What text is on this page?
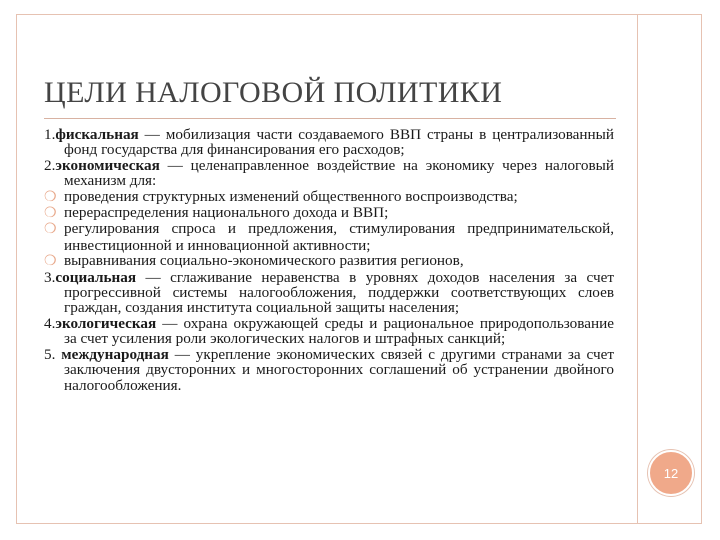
ЦЕЛИ НАЛОГОВОЙ ПОЛИТИКИ
1.фискальная — мобилизация части создаваемого ВВП страны в централизованный фонд государства для финансирования его расходов;
2.экономическая — целенаправленное воздействие на экономику через налоговый механизм для:
❍ проведения структурных изменений общественного воспроизводства;
❍ перераспределения национального дохода и ВВП;
❍ регулирования спроса и предложения, стимулирования предпринимательской, инвестиционной и инновационной активности;
❍ выравнивания социально-экономического развития регионов,
3.социальная — сглаживание неравенства в уровнях доходов населения за счет прогрессивной системы налогообложения, поддержки соответствующих слоев граждан, создания института социальной защиты населения;
4.экологическая — охрана окружающей среды и рациональное природопользование за счет усиления роли экологических налогов и штрафных санкций;
5. международная — укрепление экономических связей с другими странами за счет заключения двусторонних и многосторонних соглашений об устранении двойного налогообложения.
12
